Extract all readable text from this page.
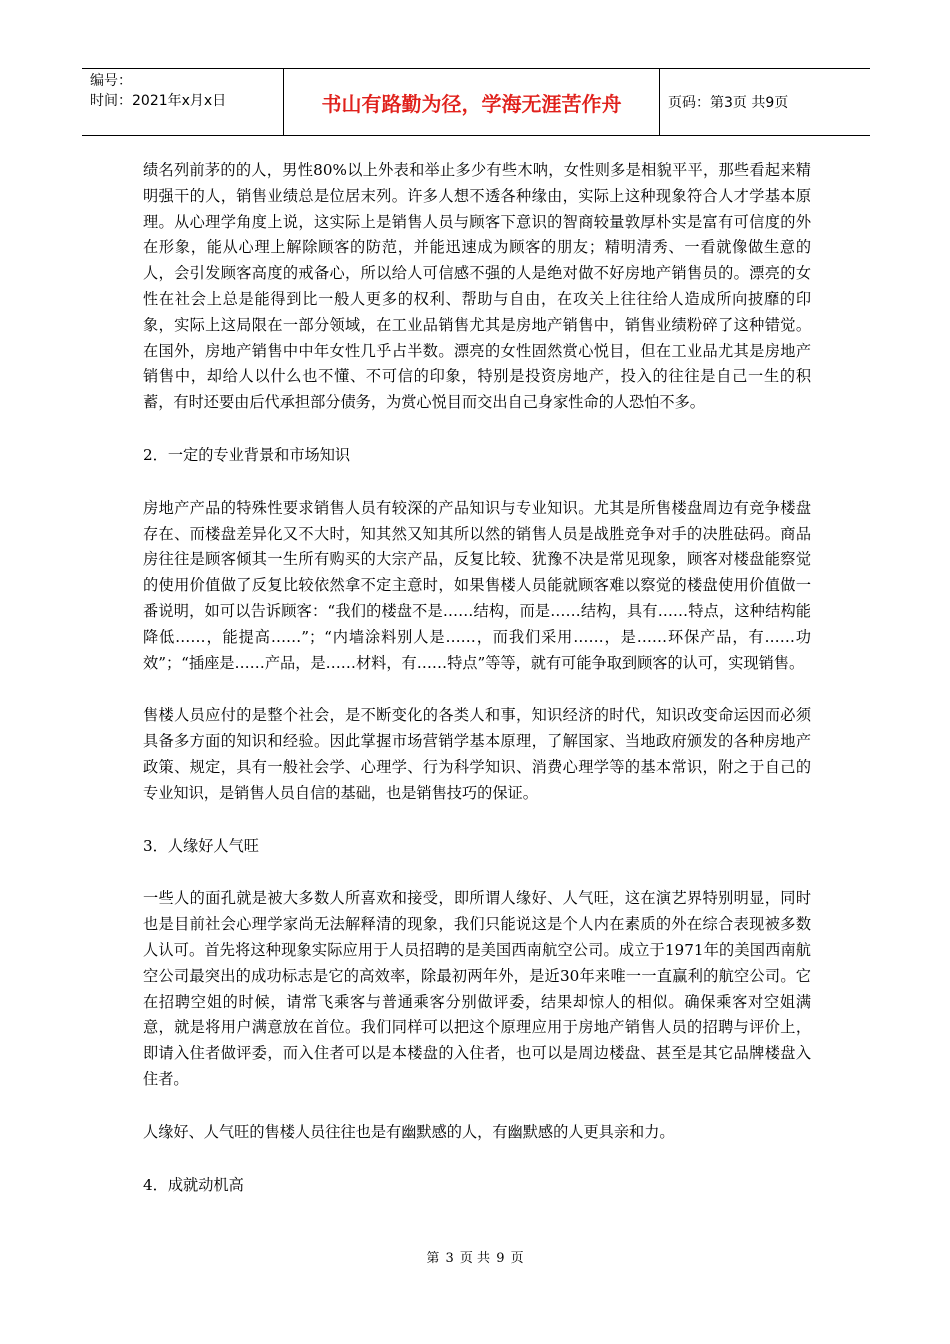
编号：
时间：2021年x月x日	书山有路勤为径，学海无涯苦作舟	页码：第3页 共9页

绩名列前茅的的人，男性80%以上外表和举止多少有些木呐，女性则多是相貌平平，那些看起来精明强干的人，销售业绩总是位居末列。许多人想不透各种缘由，实际上这种现象符合人才学基本原理。从心理学角度上说，这实际上是销售人员与顾客下意识的智商较量敦厚朴实是富有可信度的外在形象，能从心理上解除顾客的防范，并能迅速成为顾客的朋友；精明清秀、一看就像做生意的人，会引发顾客高度的戒备心，所以给人可信感不强的人是绝对做不好房地产销售员的。漂亮的女性在社会上总是能得到比一般人更多的权利、帮助与自由，在攻关上往往给人造成所向披靡的印象，实际上这局限在一部分领域，在工业品销售尤其是房地产销售中，销售业绩粉碎了这种错觉。在国外，房地产销售中中年女性几乎占半数。漂亮的女性固然赏心悦目，但在工业品尤其是房地产销售中，却给人以什么也不懂、不可信的印象，特别是投资房地产，投入的往往是自己一生的积蓄，有时还要由后代承担部分债务，为赏心悦目而交出自己身家性命的人恐怕不多。

2．一定的专业背景和市场知识

房地产产品的特殊性要求销售人员有较深的产品知识与专业知识。尤其是所售楼盘周边有竞争楼盘存在、而楼盘差异化又不大时，知其然又知其所以然的销售人员是战胜竞争对手的决胜砝码。商品房往往是顾客倾其一生所有购买的大宗产品，反复比较、犹豫不决是常见现象，顾客对楼盘能察觉的使用价值做了反复比较依然拿不定主意时，如果售楼人员能就顾客难以察觉的楼盘使用价值做一番说明，如可以告诉顾客：“我们的楼盘不是……结构，而是……结构，具有……特点，这种结构能降低……，能提高……”；“内墙涂料别人是……，而我们采用……，是……环保产品，有……功效”；“插座是……产品，是……材料，有……特点”等等，就有可能争取到顾客的认可，实现销售。

售楼人员应付的是整个社会，是不断变化的各类人和事，知识经济的时代，知识改变命运因而必须具备多方面的知识和经验。因此掌握市场营销学基本原理，了解国家、当地政府颁发的各种房地产政策、规定，具有一般社会学、心理学、行为科学知识、消费心理学等的基本常识，附之于自己的专业知识，是销售人员自信的基础，也是销售技巧的保证。

3．人缘好人气旺

一些人的面孔就是被大多数人所喜欢和接受，即所谓人缘好、人气旺，这在演艺界特别明显，同时也是目前社会心理学家尚无法解释清的现象，我们只能说这是个人内在素质的外在综合表现被多数人认可。首先将这种现象实际应用于人员招聘的是美国西南航空公司。成立于1971年的美国西南航空公司最突出的成功标志是它的高效率，除最初两年外，是近30年来唯一一直赢利的航空公司。它在招聘空姐的时候，请常飞乘客与普通乘客分别做评委，结果却惊人的相似。确保乘客对空姐满意，就是将用户满意放在首位。我们同样可以把这个原理应用于房地产销售人员的招聘与评价上，即请入住者做评委，而入住者可以是本楼盘的入住者，也可以是周边楼盘、甚至是其它品牌楼盘入住者。

人缘好、人气旺的售楼人员往往也是有幽默感的人，有幽默感的人更具亲和力。

4．成就动机高

第 3 页 共 9 页
